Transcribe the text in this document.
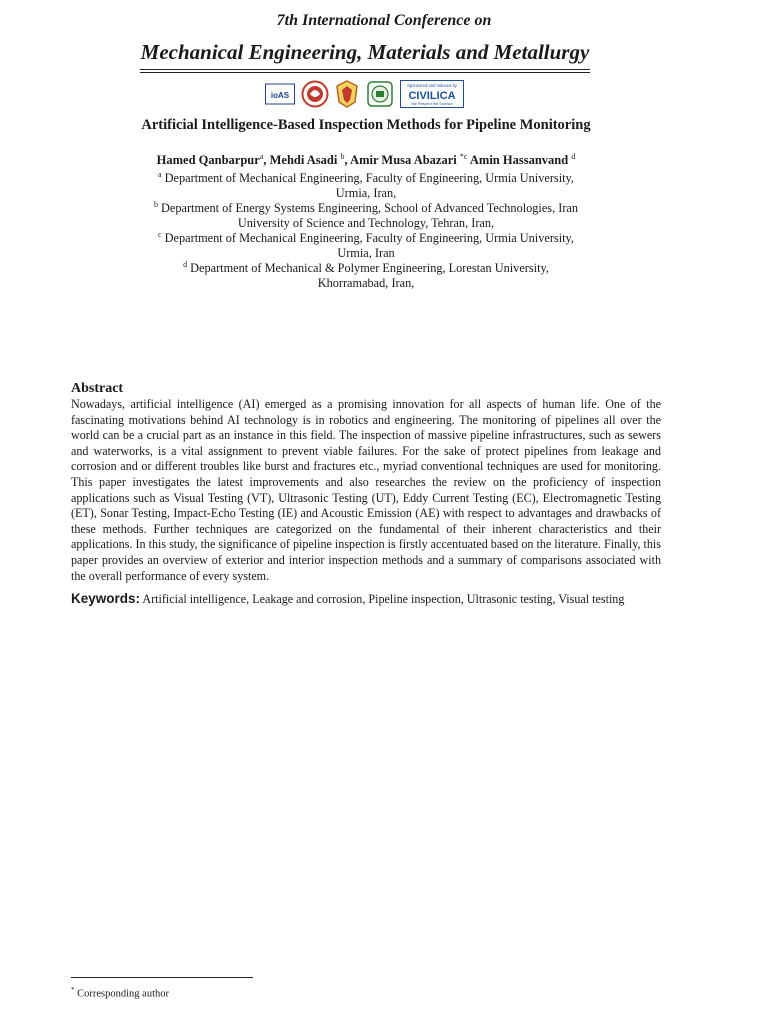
7th International Conference on
Mechanical Engineering, Materials and Metallurgy
ioAS
Sponsored and Indexed by
CIVILICA
We Respect the Science
Artificial Intelligence-Based Inspection Methods for Pipeline Monitoring
Hamed Qanbarpur$^a$, Mehdi Asadi $^b$, Amir Musa Abazari $^{*c}$ Amin Hassanvand $^d$
$^a$ Department of Mechanical Engineering, Faculty of Engineering, Urmia University,
Urmia, Iran,
$^b$ Department of Energy Systems Engineering, School of Advanced Technologies, Iran
University of Science and Technology, Tehran, Iran,
$^c$ Department of Mechanical Engineering, Faculty of Engineering, Urmia University,
Urmia, Iran
$^d$ Department of Mechanical & Polymer Engineering, Lorestan University,
Khorramabad, Iran,
Abstract
Nowadays, artificial intelligence (AI) emerged as a promising innovation for all aspects of human life. One of the fascinating motivations behind AI technology is in robotics and engineering. The monitoring of pipelines all over the world can be a crucial part as an instance in this field. The inspection of massive pipeline infrastructures, such as sewers and waterworks, is a vital assignment to prevent viable failures. For the sake of protect pipelines from leakage and corrosion and or different troubles like burst and fractures etc., myriad conventional techniques are used for monitoring. This paper investigates the latest improvements and also researches the review on the proficiency of inspection applications such as Visual Testing (VT), Ultrasonic Testing (UT), Eddy Current Testing (EC), Electromagnetic Testing (ET), Sonar Testing, Impact-Echo Testing (IE) and Acoustic Emission (AE) with respect to advantages and drawbacks of these methods. Further techniques are categorized on the fundamental of their inherent characteristics and their applications. In this study, the significance of pipeline inspection is firstly accentuated based on the literature. Finally, this paper provides an overview of exterior and interior inspection methods and a summary of comparisons associated with the overall performance of every system.
Keywords: Artificial intelligence, Leakage and corrosion, Pipeline inspection, Ultrasonic testing, Visual testing
* Corresponding author
